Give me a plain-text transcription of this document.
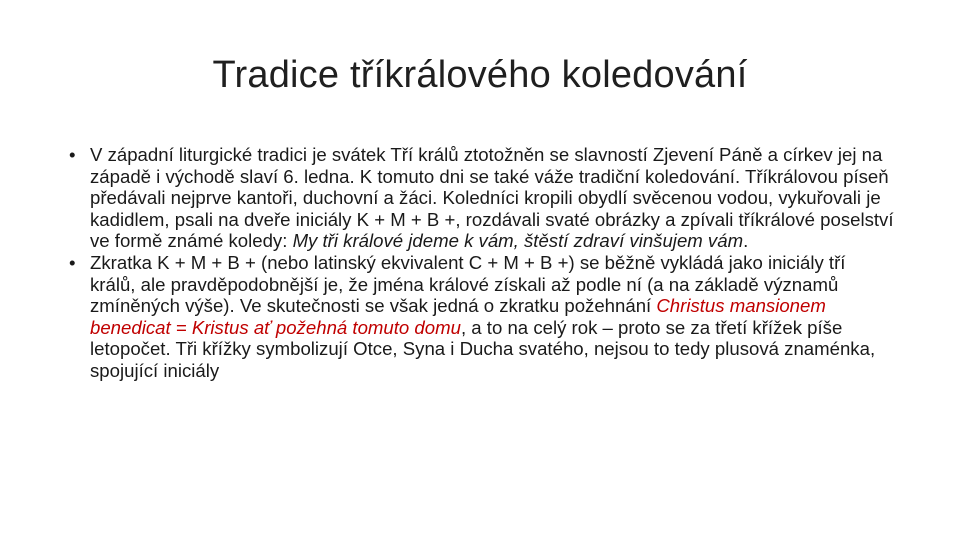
Tradice tříkrálového koledování

• V západní liturgické tradici je svátek Tří králů ztotožněn se slavností Zjevení Páně a církev jej na západě i východě slaví 6. ledna. K tomuto dni se také váže tradiční koledování. Tříkrálovou píseň předávali nejprve kantoři, duchovní a žáci. Koledníci kropili obydlí svěcenou vodou, vykuřovali je kadidlem, psali na dveře iniciály K + M + B +, rozdávali svaté obrázky a zpívali tříkrálové poselství ve formě známé koledy: My tři králové jdeme k vám, štěstí zdraví vinšujem vám.

• Zkratka K + M + B + (nebo latinský ekvivalent C + M + B +) se běžně vykládá jako iniciály tří králů, ale pravděpodobnější je, že jména králové získali až podle ní (a na základě významů zmíněných výše). Ve skutečnosti se však jedná o zkratku požehnání Christus mansionem benedicat = Kristus ať požehná tomuto domu, a to na celý rok – proto se za třetí křížek píše letopočet. Tři křížky symbolizují Otce, Syna i Ducha svatého, nejsou to tedy plusová znaménka, spojující iniciály
